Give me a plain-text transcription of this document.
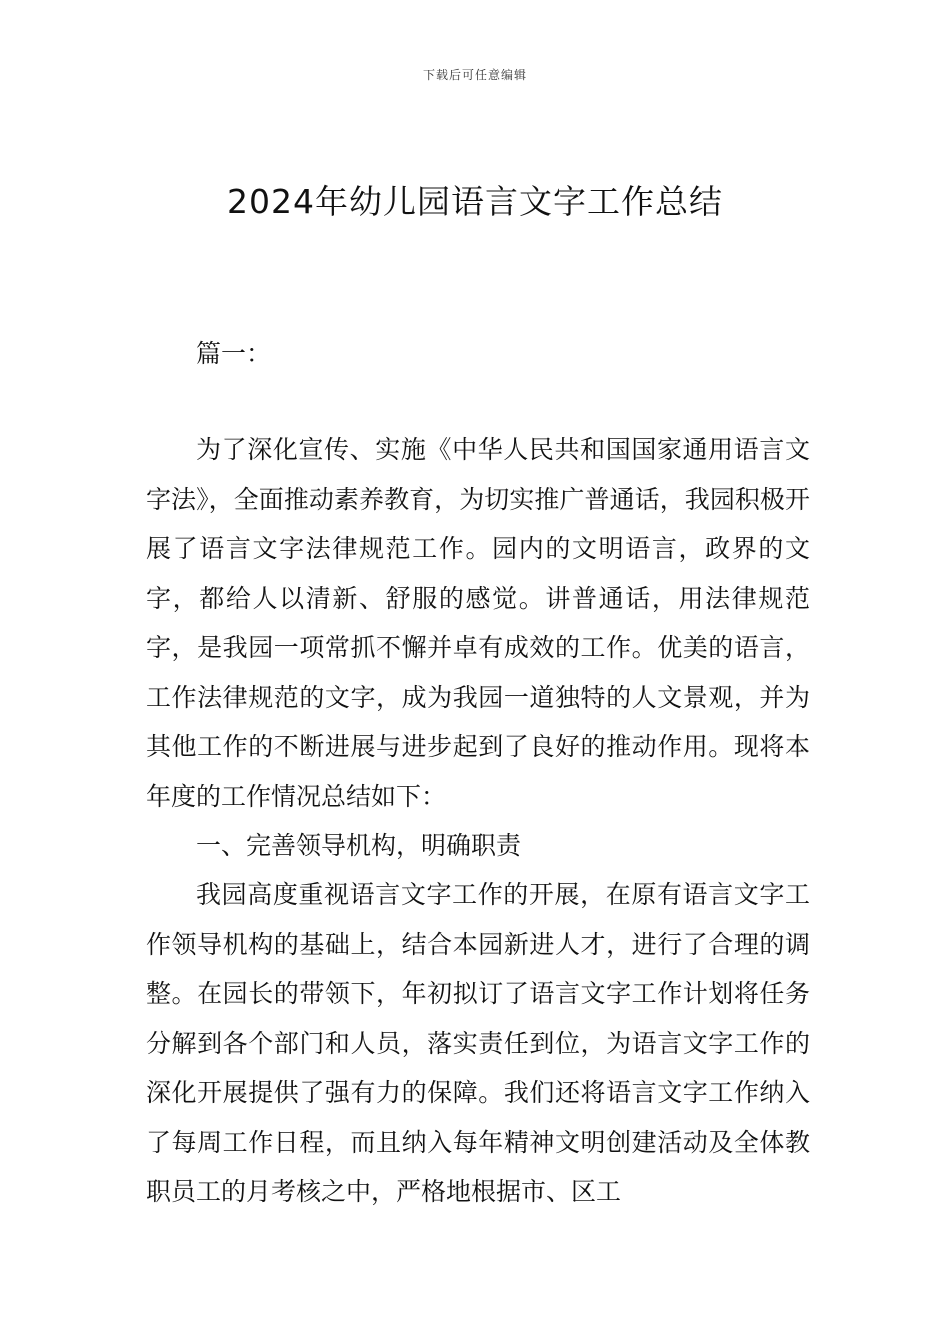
下载后可任意编辑
2024年幼儿园语言文字工作总结
篇一：

为了深化宣传、实施《中华人民共和国国家通用语言文字法》，全面推动素养教育，为切实推广普通话，我园积极开展了语言文字法律规范工作。园内的文明语言，政界的文字，都给人以清新、舒服的感觉。讲普通话，用法律规范字，是我园一项常抓不懈并卓有成效的工作。优美的语言，工作法律规范的文字，成为我园一道独特的人文景观，并为其他工作的不断进展与进步起到了良好的推动作用。现将本年度的工作情况总结如下：

一、完善领导机构，明确职责

我园高度重视语言文字工作的开展，在原有语言文字工作领导机构的基础上，结合本园新进人才，进行了合理的调整。在园长的带领下，年初拟订了语言文字工作计划将任务分解到各个部门和人员，落实责任到位，为语言文字工作的深化开展提供了强有力的保障。我们还将语言文字工作纳入了每周工作日程，而且纳入每年精神文明创建活动及全体教职员工的月考核之中，严格地根据市、区工
